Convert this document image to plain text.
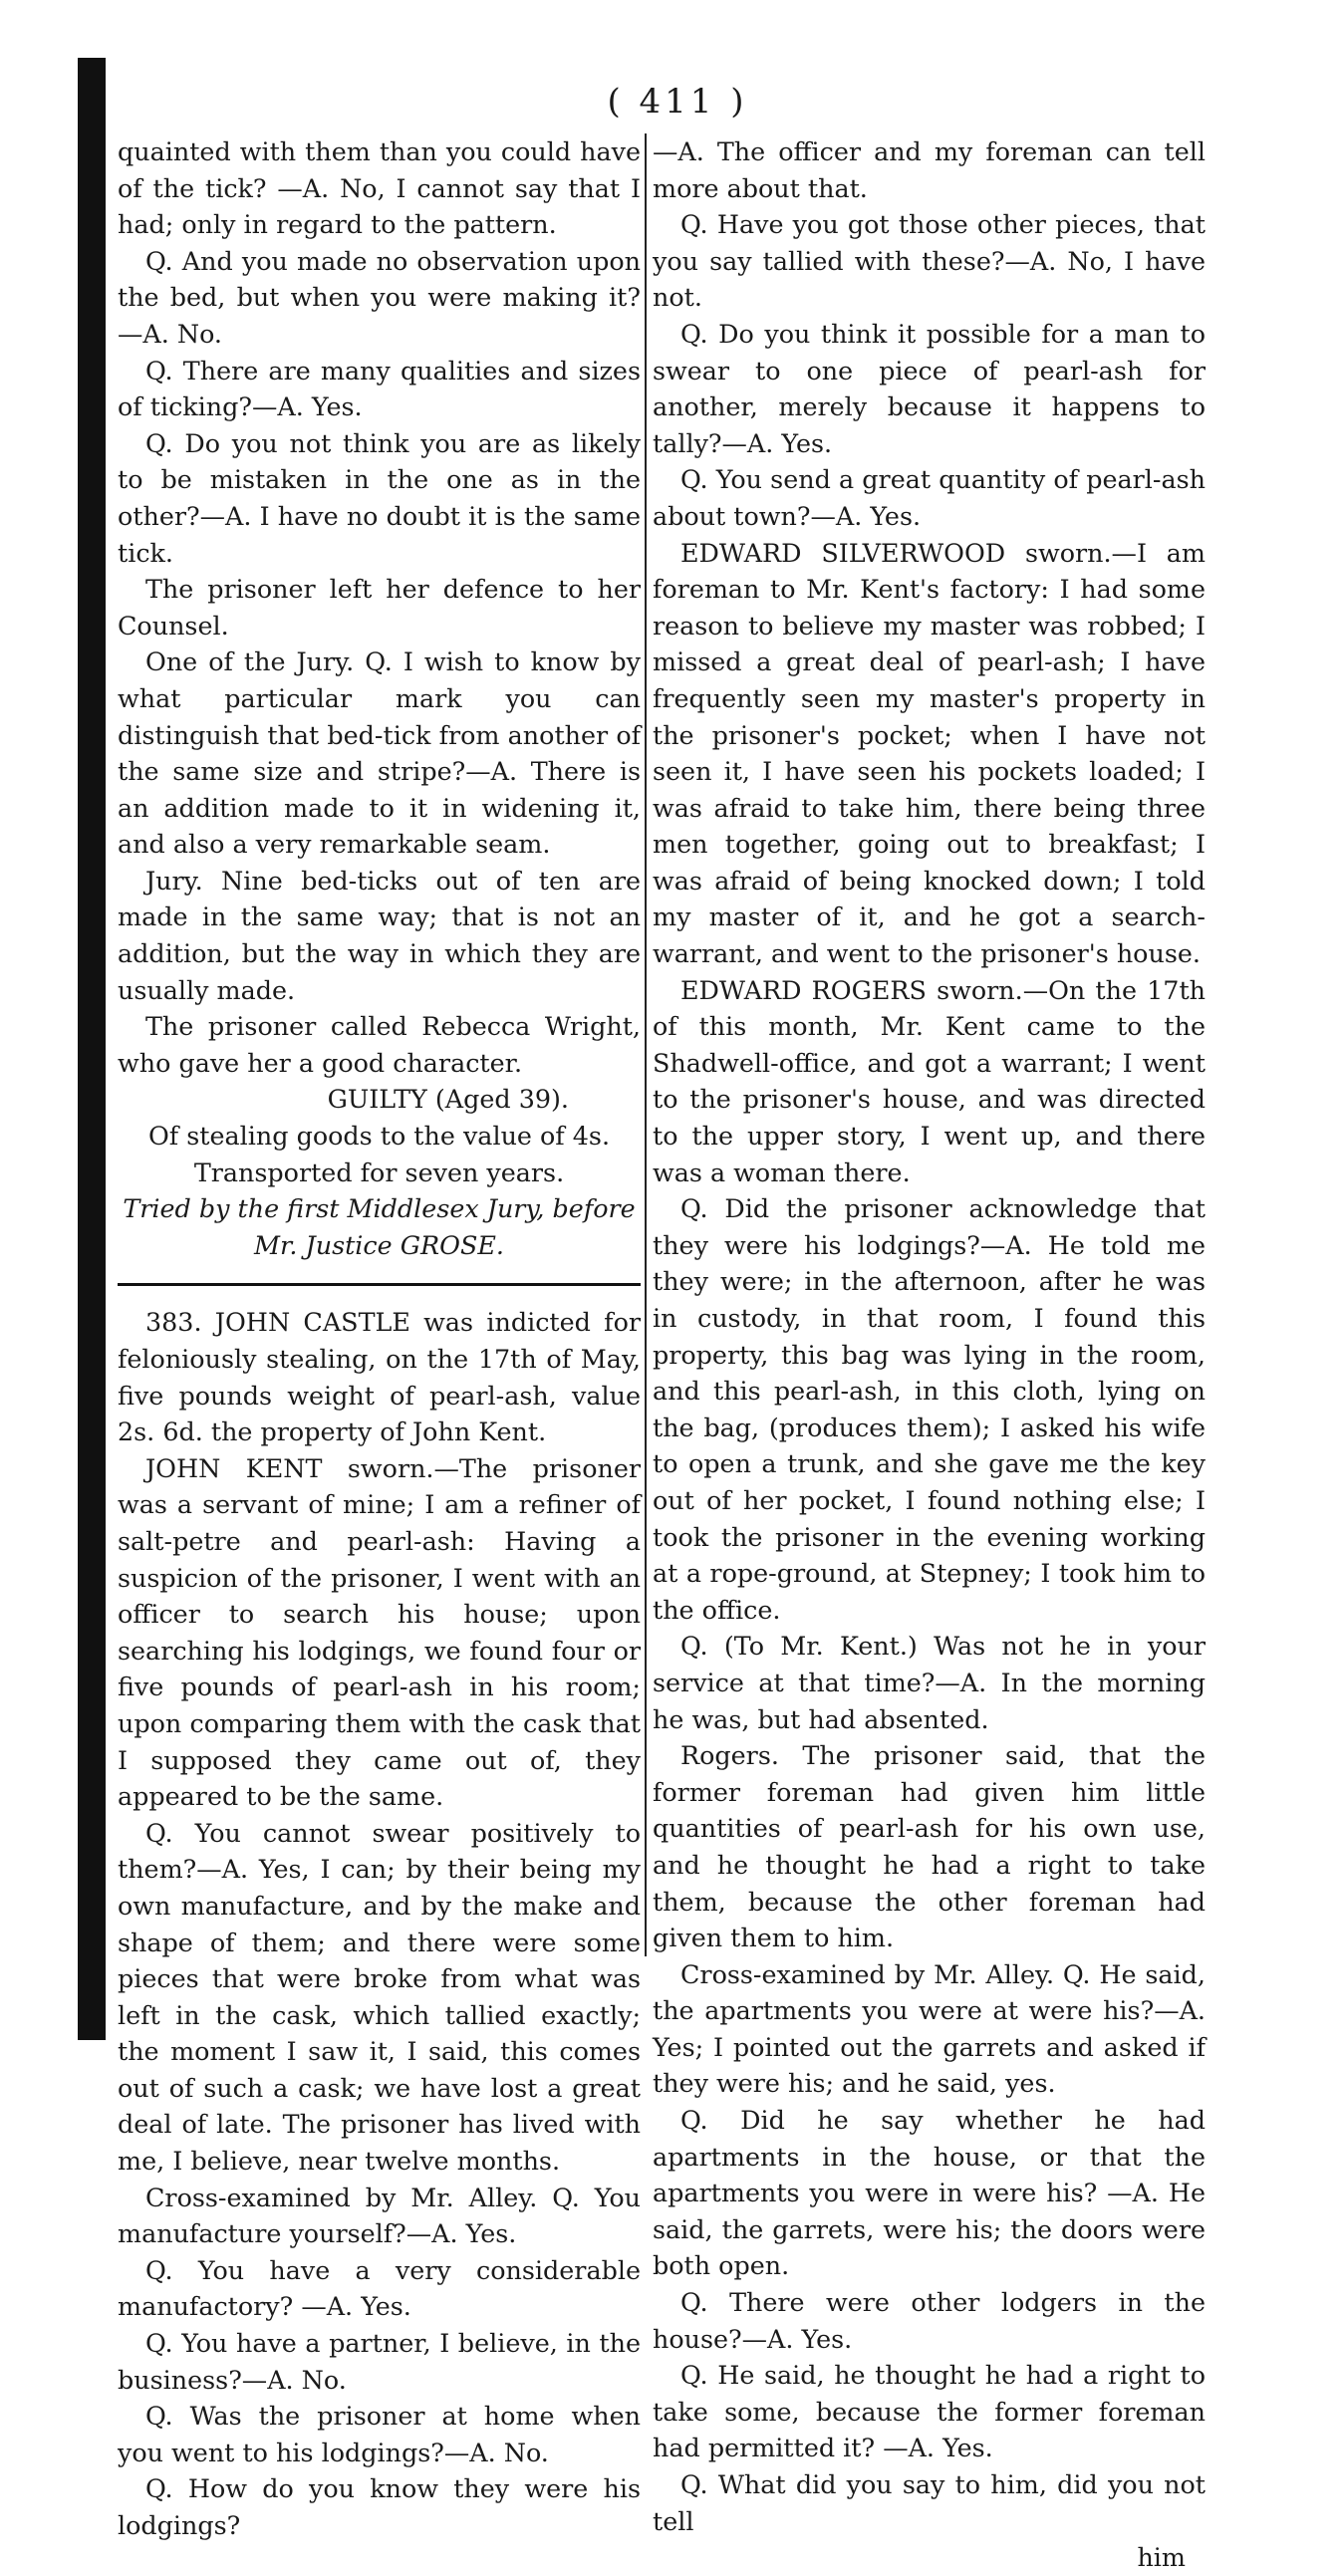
( 411 )

quainted with them than you could have of the tick? —A. No, I cannot say that I had; only in regard to the pattern.

Q. And you made no observation upon the bed, but when you were making it?—A. No.

Q. There are many qualities and sizes of ticking?—A. Yes.

Q. Do you not think you are as likely to be mistaken in the one as in the other?—A. I have no doubt it is the same tick.

The prisoner left her defence to her Counsel.

One of the Jury. Q. I wish to know by what particular mark you can distinguish that bed-tick from another of the same size and stripe?—A. There is an addition made to it in widening it, and also a very remarkable seam.

Jury. Nine bed-ticks out of ten are made in the same way; that is not an addition, but the way in which they are usually made.

The prisoner called Rebecca Wright, who gave her a good character.

GUILTY (Aged 39).

Of stealing goods to the value of 4s.

Transported for seven years.

Tried by the first Middlesex Jury, before

Mr. Justice GROSE.

383. JOHN CASTLE was indicted for feloniously stealing, on the 17th of May, five pounds weight of pearl-ash, value 2s. 6d. the property of John Kent.

JOHN KENT sworn.—The prisoner was a servant of mine; I am a refiner of salt-petre and pearl-ash: Having a suspicion of the prisoner, I went with an officer to search his house; upon searching his lodgings, we found four or five pounds of pearl-ash in his room; upon comparing them with the cask that I supposed they came out of, they appeared to be the same.

Q. You cannot swear positively to them?—A. Yes, I can; by their being my own manufacture, and by the make and shape of them; and there were some pieces that were broke from what was left in the cask, which tallied exactly; the moment I saw it, I said, this comes out of such a cask; we have lost a great deal of late. The prisoner has lived with me, I believe, near twelve months.

Cross-examined by Mr. Alley. Q. You manufacture yourself?—A. Yes.

Q. You have a very considerable manufactory? —A. Yes.

Q. You have a partner, I believe, in the business?—A. No.

Q. Was the prisoner at home when you went to his lodgings?—A. No.

Q. How do you know they were his lodgings?

—A. The officer and my foreman can tell more about that.

Q. Have you got those other pieces, that you say tallied with these?—A. No, I have not.

Q. Do you think it possible for a man to swear to one piece of pearl-ash for another, merely because it happens to tally?—A. Yes.

Q. You send a great quantity of pearl-ash about town?—A. Yes.

EDWARD SILVERWOOD sworn.—I am foreman to Mr. Kent's factory: I had some reason to believe my master was robbed; I missed a great deal of pearl-ash; I have frequently seen my master's property in the prisoner's pocket; when I have not seen it, I have seen his pockets loaded; I was afraid to take him, there being three men together, going out to breakfast; I was afraid of being knocked down; I told my master of it, and he got a search-warrant, and went to the prisoner's house.

EDWARD ROGERS sworn.—On the 17th of this month, Mr. Kent came to the Shadwell-office, and got a warrant; I went to the prisoner's house, and was directed to the upper story, I went up, and there was a woman there.

Q. Did the prisoner acknowledge that they were his lodgings?—A. He told me they were; in the afternoon, after he was in custody, in that room, I found this property, this bag was lying in the room, and this pearl-ash, in this cloth, lying on the bag, (produces them); I asked his wife to open a trunk, and she gave me the key out of her pocket, I found nothing else; I took the prisoner in the evening working at a rope-ground, at Stepney; I took him to the office.

Q. (To Mr. Kent.) Was not he in your service at that time?—A. In the morning he was, but had absented.

Rogers. The prisoner said, that the former foreman had given him little quantities of pearl-ash for his own use, and he thought he had a right to take them, because the other foreman had given them to him.

Cross-examined by Mr. Alley. Q. He said, the apartments you were at were his?—A. Yes; I pointed out the garrets and asked if they were his; and he said, yes.

Q. Did he say whether he had apartments in the house, or that the apartments you were in were his? —A. He said, the garrets, were his; the doors were both open.

Q. There were other lodgers in the house?—A. Yes.

Q. He said, he thought he had a right to take some, because the former foreman had permitted it? —A. Yes.

Q. What did you say to him, did you not tell

him
